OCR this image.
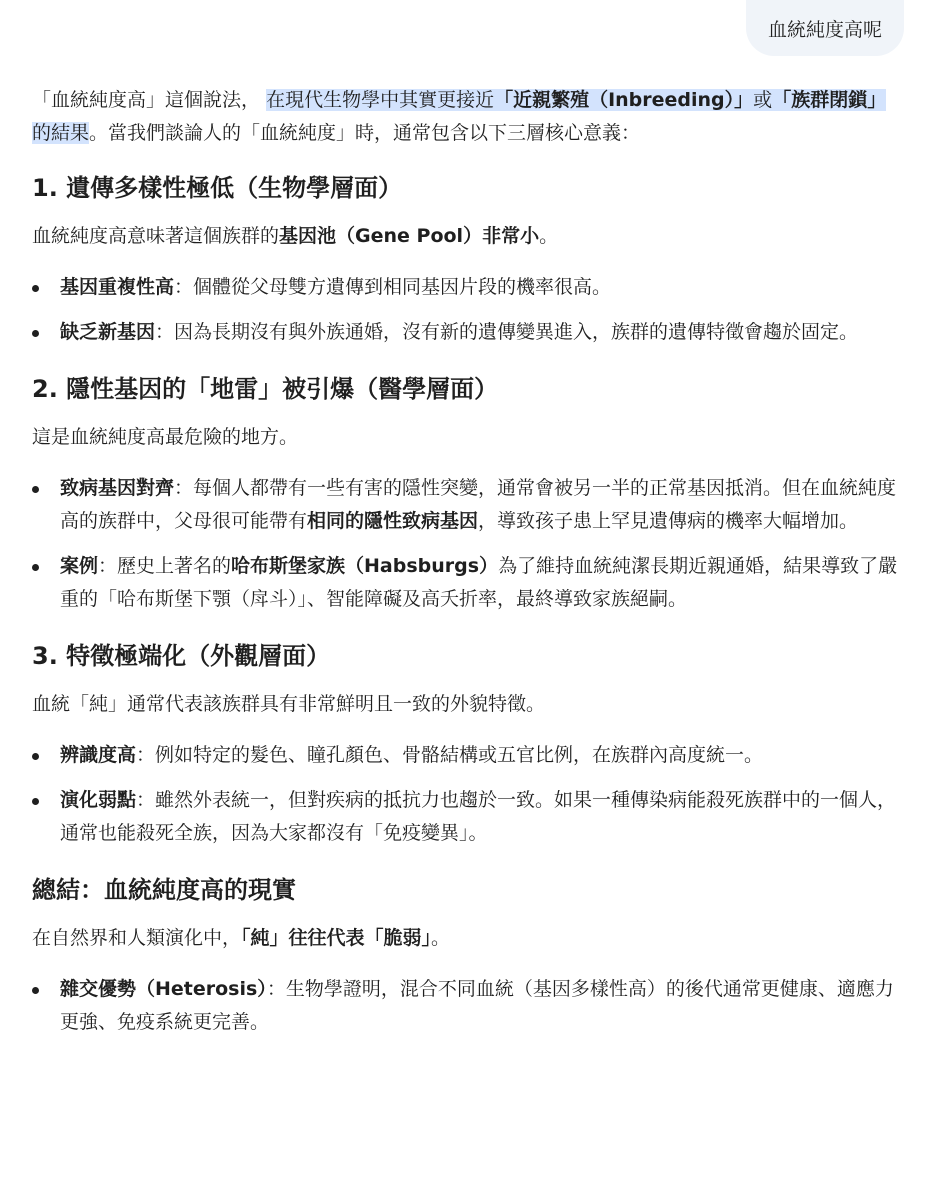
血統純度高呢

「血統純度高」這個說法， 在現代生物學中其實更接近「近親繁殖（Inbreeding）」或「族群閉鎖」的結果。當我們談論人的「血統純度」時，通常包含以下三層核心意義：

1. 遺傳多樣性極低（生物學層面）

血統純度高意味著這個族群的基因池（Gene Pool）非常小。

基因重複性高：個體從父母雙方遺傳到相同基因片段的機率很高。
缺乏新基因：因為長期沒有與外族通婚，沒有新的遺傳變異進入，族群的遺傳特徵會趨於固定。
2. 隱性基因的「地雷」被引爆（醫學層面）

這是血統純度高最危險的地方。

致病基因對齊：每個人都帶有一些有害的隱性突變，通常會被另一半的正常基因抵消。但在血統純度高的族群中，父母很可能帶有相同的隱性致病基因，導致孩子患上罕見遺傳病的機率大幅增加。
案例：歷史上著名的哈布斯堡家族（Habsburgs）為了維持血統純潔長期近親通婚，結果導致了嚴重的「哈布斯堡下顎（戽斗）」、智能障礙及高夭折率，最終導致家族絕嗣。
3. 特徵極端化（外觀層面）

血統「純」通常代表該族群具有非常鮮明且一致的外貌特徵。

辨識度高：例如特定的髮色、瞳孔顏色、骨骼結構或五官比例，在族群內高度統一。
演化弱點：雖然外表統一，但對疾病的抵抗力也趨於一致。如果一種傳染病能殺死族群中的一個人，通常也能殺死全族，因為大家都沒有「免疫變異」。
總結：血統純度高的現實

在自然界和人類演化中，「純」往往代表「脆弱」。

雜交優勢（Heterosis）：生物學證明，混合不同血統（基因多樣性高）的後代通常更健康、適應力更強、免疫系統更完善。
